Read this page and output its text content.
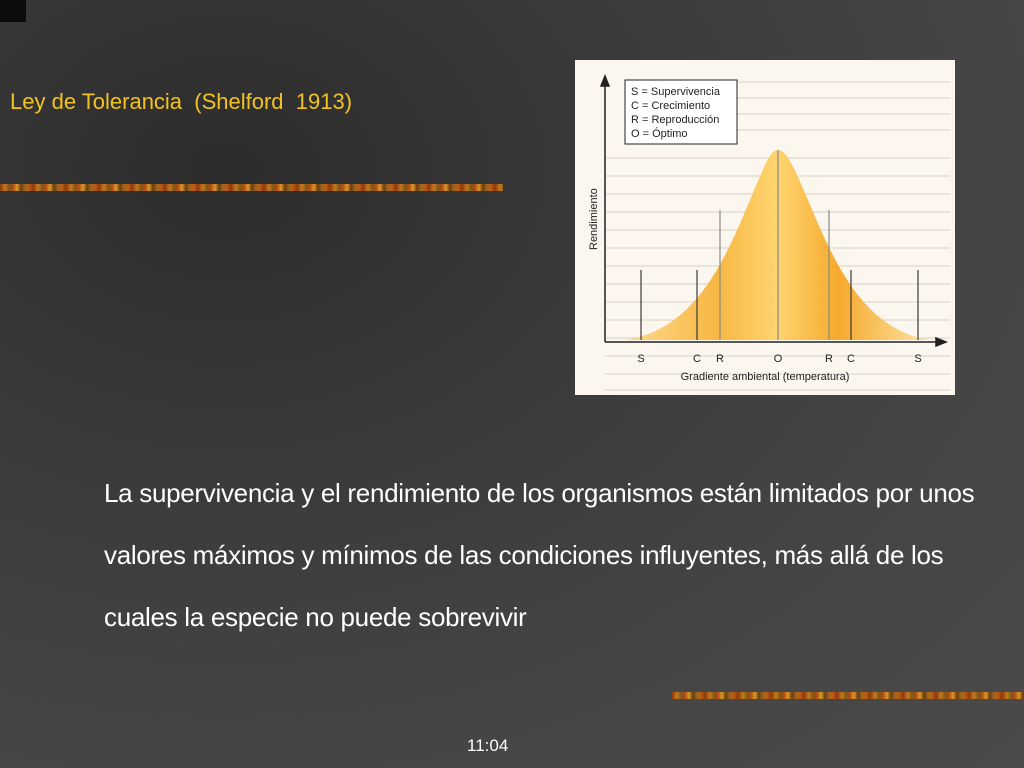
Ley de Tolerancia  (Shelford  1913)	S = Supervivencia
C = Crecimiento
R = Reproducción
O = Óptimo
Rendimiento
S	C R	O	R C	S
Gradiente ambiental (temperatura)

La supervivencia y el rendimiento de los organismos están limitados por unos valores máximos y mínimos de las condiciones influyentes, más allá de los cuales la especie no puede sobrevivir

11:04
